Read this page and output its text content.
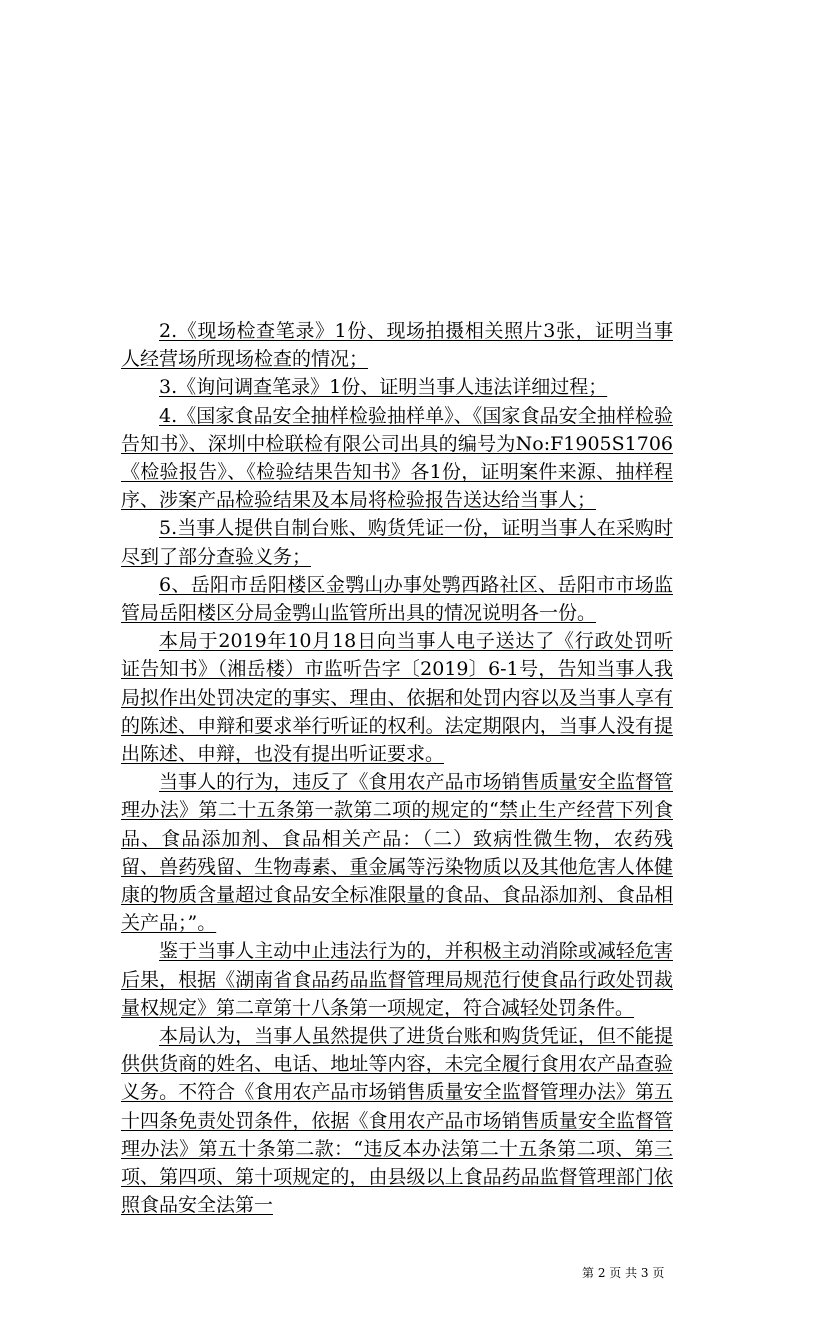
2.《现场检查笔录》1份、现场拍摄相关照片3张，证明当事人经营场所现场检查的情况；

3.《询问调查笔录》1份、证明当事人违法详细过程；

4.《国家食品安全抽样检验抽样单》、《国家食品安全抽样检验告知书》、深圳中检联检有限公司出具的编号为No:F1905S1706《检验报告》、《检验结果告知书》各1份，证明案件来源、抽样程序、涉案产品检验结果及本局将检验报告送达给当事人；

5.当事人提供自制台账、购货凭证一份，证明当事人在采购时尽到了部分查验义务；

6、岳阳市岳阳楼区金鹗山办事处鹗西路社区、岳阳市市场监管局岳阳楼区分局金鹗山监管所出具的情况说明各一份。

本局于2019年10月18日向当事人电子送达了《行政处罚听证告知书》（湘岳楼）市监听告字〔2019〕6-1号，告知当事人我局拟作出处罚决定的事实、理由、依据和处罚内容以及当事人享有的陈述、申辩和要求举行听证的权利。法定期限内，当事人没有提出陈述、申辩，也没有提出听证要求。

当事人的行为，违反了《食用农产品市场销售质量安全监督管理办法》第二十五条第一款第二项的规定的“禁止生产经营下列食品、食品添加剂、食品相关产品：（二）致病性微生物，农药残留、兽药残留、生物毒素、重金属等污染物质以及其他危害人体健康的物质含量超过食品安全标准限量的食品、食品添加剂、食品相关产品；”。

鉴于当事人主动中止违法行为的，并积极主动消除或减轻危害后果，根据《湖南省食品药品监督管理局规范行使食品行政处罚裁量权规定》第二章第十八条第一项规定，符合减轻处罚条件。

本局认为，当事人虽然提供了进货台账和购货凭证，但不能提供供货商的姓名、电话、地址等内容，未完全履行食用农产品查验义务。不符合《食用农产品市场销售质量安全监督管理办法》第五十四条免责处罚条件，依据《食用农产品市场销售质量安全监督管理办法》第五十条第二款：“违反本办法第二十五条第二项、第三项、第四项、第十项规定的，由县级以上食品药品监督管理部门依照食品安全法第一

第 2 页 共 3 页
